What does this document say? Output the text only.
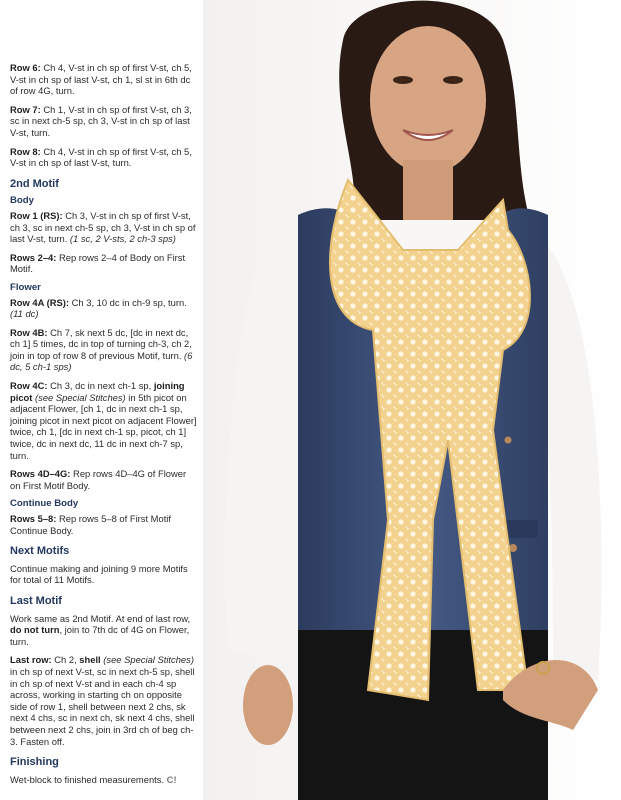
Row 6: Ch 4, V-st in ch sp of first V-st, ch 5, V-st in ch sp of last V-st, ch 1, sl st in 6th dc of row 4G, turn.

Row 7: Ch 1, V-st in ch sp of first V-st, ch 3, sc in next ch-5 sp, ch 3, V-st in ch sp of last V-st, turn.

Row 8: Ch 4, V-st in ch sp of first V-st, ch 5, V-st in ch sp of last V-st, turn.

2nd Motif
Body

Row 1 (RS): Ch 3, V-st in ch sp of first V-st, ch 3, sc in next ch-5 sp, ch 3, V-st in ch sp of last V-st, turn. (1 sc, 2 V-sts, 2 ch-3 sps)

Rows 2–4: Rep rows 2–4 of Body on First Motif.

Flower

Row 4A (RS): Ch 3, 10 dc in ch-9 sp, turn. (11 dc)

Row 4B: Ch 7, sk next 5 dc, [dc in next dc, ch 1] 5 times, dc in top of turning ch-3, ch 2, join in top of row 8 of previous Motif, turn. (6 dc, 5 ch-1 sps)

Row 4C: Ch 3, dc in next ch-1 sp, joining picot (see Special Stitches) in 5th picot on adjacent Flower, [ch 1, dc in next ch-1 sp, joining picot in next picot on adjacent Flower] twice, ch 1, [dc in next ch-1 sp, picot, ch 1] twice, dc in next dc, 11 dc in next ch-7 sp, turn.

Rows 4D–4G: Rep rows 4D–4G of Flower on First Motif Body.

Continue Body

Rows 5–8: Rep rows 5–8 of First Motif Continue Body.

Next Motifs

Continue making and joining 9 more Motifs for total of 11 Motifs.

Last Motif

Work same as 2nd Motif. At end of last row, do not turn, join to 7th dc of 4G on Flower, turn.

Last row: Ch 2, shell (see Special Stitches) in ch sp of next V-st, sc in next ch-5 sp, shell in ch sp of next V-st and in each ch-4 sp across, working in starting ch on opposite side of row 1, shell between next 2 chs, sk next 4 chs, sc in next ch, sk next 4 chs, shell between next 2 chs, join in 3rd ch of beg ch-3. Fasten off.

Finishing

Wet-block to finished measurements. C!
